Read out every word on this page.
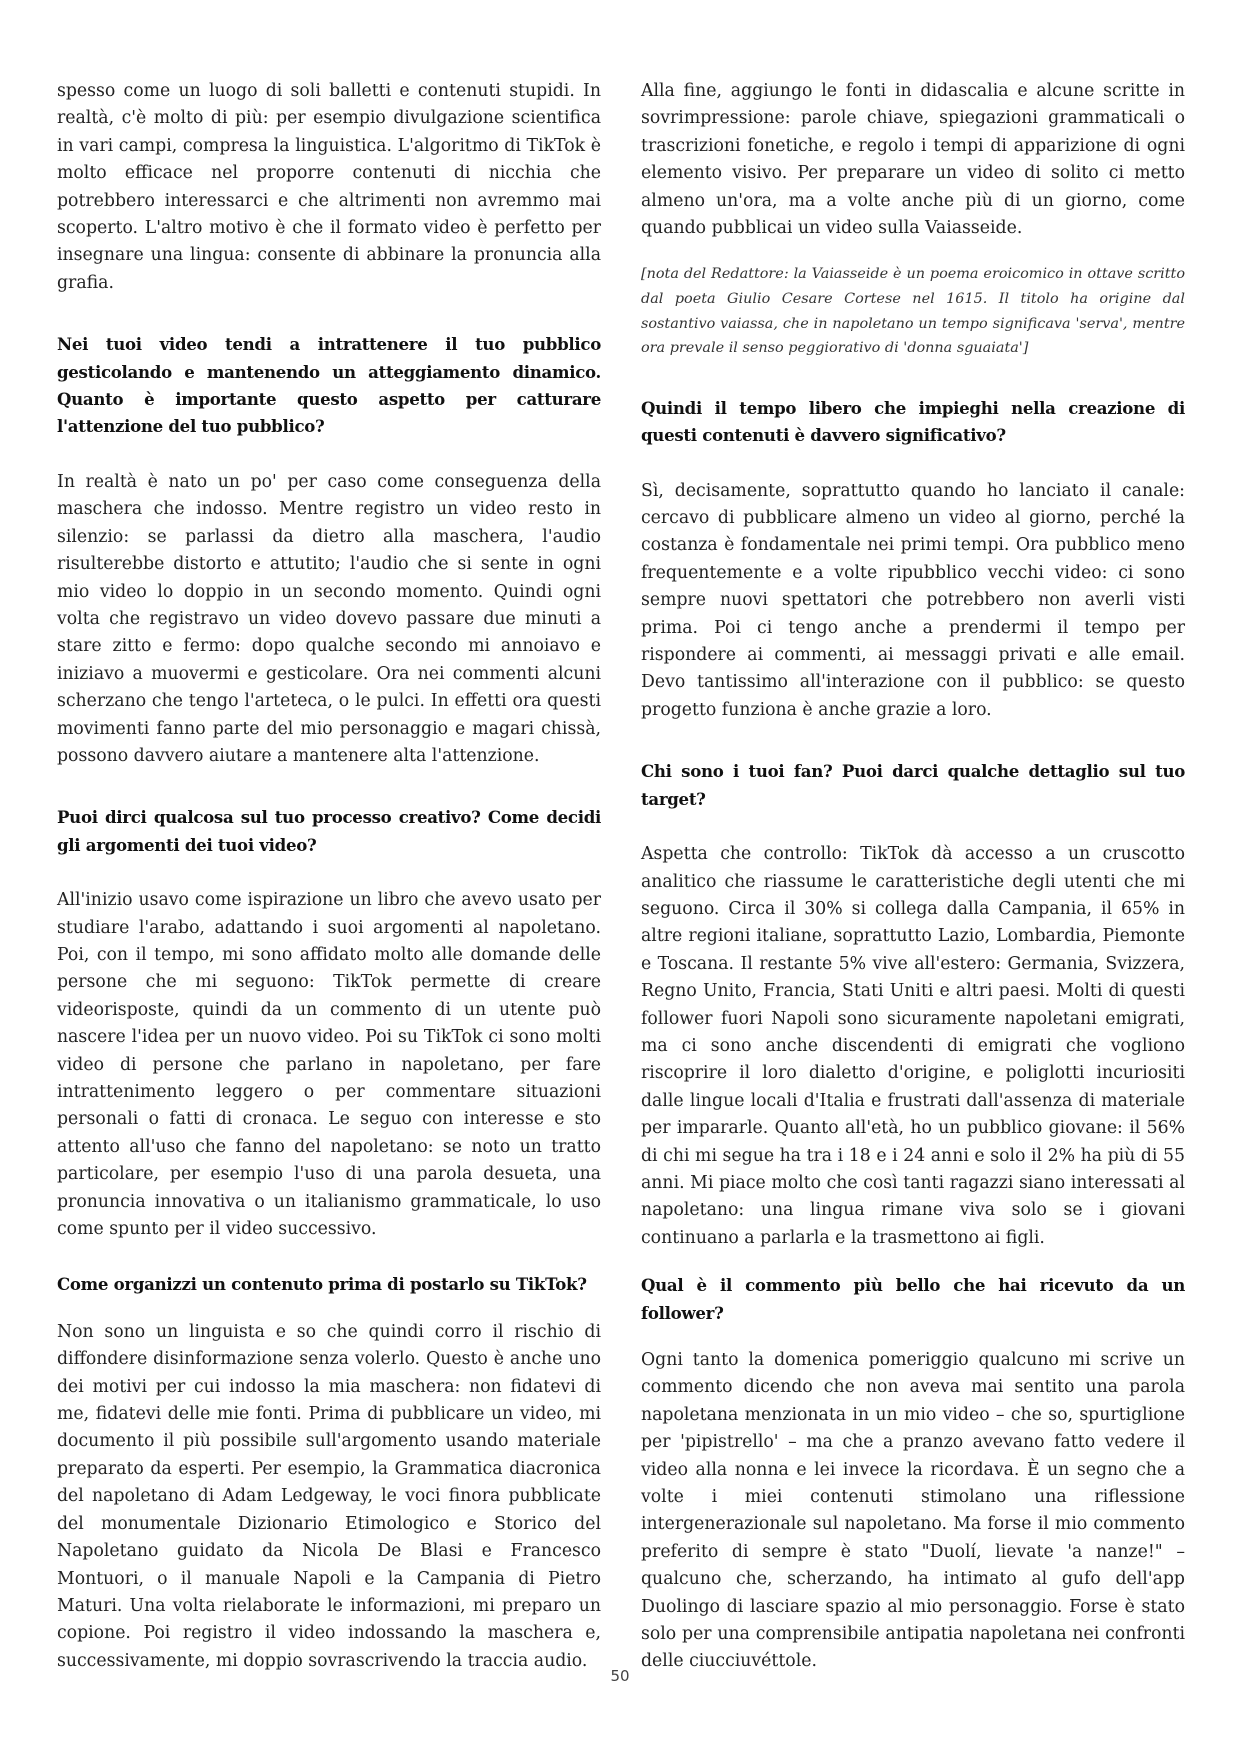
spesso come un luogo di soli balletti e contenuti stupidi. In realtà, c'è molto di più: per esempio divulgazione scientifica in vari campi, compresa la linguistica. L'algoritmo di TikTok è molto efficace nel proporre contenuti di nicchia che potrebbero interessarci e che altrimenti non avremmo mai scoperto. L'altro motivo è che il formato video è perfetto per insegnare una lingua: consente di abbinare la pronuncia alla grafia.

Nei tuoi video tendi a intrattenere il tuo pubblico gesticolando e mantenendo un atteggiamento dinamico. Quanto è importante questo aspetto per catturare l'attenzione del tuo pubblico?

In realtà è nato un po' per caso come conseguenza della maschera che indosso. Mentre registro un video resto in silenzio: se parlassi da dietro alla maschera, l'audio risulterebbe distorto e attutito; l'audio che si sente in ogni mio video lo doppio in un secondo momento. Quindi ogni volta che registravo un video dovevo passare due minuti a stare zitto e fermo: dopo qualche secondo mi annoiavo e iniziavo a muovermi e gesticolare. Ora nei commenti alcuni scherzano che tengo l'arteteca, o le pulci. In effetti ora questi movimenti fanno parte del mio personaggio e magari chissà, possono davvero aiutare a mantenere alta l'attenzione.

Puoi dirci qualcosa sul tuo processo creativo? Come decidi gli argomenti dei tuoi video?

All'inizio usavo come ispirazione un libro che avevo usato per studiare l'arabo, adattando i suoi argomenti al napoletano. Poi, con il tempo, mi sono affidato molto alle domande delle persone che mi seguono: TikTok permette di creare videorisposte, quindi da un commento di un utente può nascere l'idea per un nuovo video. Poi su TikTok ci sono molti video di persone che parlano in napoletano, per fare intrattenimento leggero o per commentare situazioni personali o fatti di cronaca. Le seguo con interesse e sto attento all'uso che fanno del napoletano: se noto un tratto particolare, per esempio l'uso di una parola desueta, una pronuncia innovativa o un italianismo grammaticale, lo uso come spunto per il video successivo.

Come organizzi un contenuto prima di postarlo su TikTok?

Non sono un linguista e so che quindi corro il rischio di diffondere disinformazione senza volerlo. Questo è anche uno dei motivi per cui indosso la mia maschera: non fidatevi di me, fidatevi delle mie fonti. Prima di pubblicare un video, mi documento il più possibile sull'argomento usando materiale preparato da esperti. Per esempio, la Grammatica diacronica del napoletano di Adam Ledgeway, le voci finora pubblicate del monumentale Dizionario Etimologico e Storico del Napoletano guidato da Nicola De Blasi e Francesco Montuori, o il manuale Napoli e la Campania di Pietro Maturi. Una volta rielaborate le informazioni, mi preparo un copione. Poi registro il video indossando la maschera e, successivamente, mi doppio sovrascrivendo la traccia audio.

Alla fine, aggiungo le fonti in didascalia e alcune scritte in sovrimpressione: parole chiave, spiegazioni grammaticali o trascrizioni fonetiche, e regolo i tempi di apparizione di ogni elemento visivo. Per preparare un video di solito ci metto almeno un'ora, ma a volte anche più di un giorno, come quando pubblicai un video sulla Vaiasseide.

[nota del Redattore: la Vaiasseide è un poema eroicomico in ottave scritto dal poeta Giulio Cesare Cortese nel 1615. Il titolo ha origine dal sostantivo vaiassa, che in napoletano un tempo significava 'serva', mentre ora prevale il senso peggiorativo di 'donna sguaiata']

Quindi il tempo libero che impieghi nella creazione di questi contenuti è davvero significativo?

Sì, decisamente, soprattutto quando ho lanciato il canale: cercavo di pubblicare almeno un video al giorno, perché la costanza è fondamentale nei primi tempi. Ora pubblico meno frequentemente e a volte ripubblico vecchi video: ci sono sempre nuovi spettatori che potrebbero non averli visti prima. Poi ci tengo anche a prendermi il tempo per rispondere ai commenti, ai messaggi privati e alle email. Devo tantissimo all'interazione con il pubblico: se questo progetto funziona è anche grazie a loro.

Chi sono i tuoi fan? Puoi darci qualche dettaglio sul tuo target?

Aspetta che controllo: TikTok dà accesso a un cruscotto analitico che riassume le caratteristiche degli utenti che mi seguono. Circa il 30% si collega dalla Campania, il 65% in altre regioni italiane, soprattutto Lazio, Lombardia, Piemonte e Toscana. Il restante 5% vive all'estero: Germania, Svizzera, Regno Unito, Francia, Stati Uniti e altri paesi. Molti di questi follower fuori Napoli sono sicuramente napoletani emigrati, ma ci sono anche discendenti di emigrati che vogliono riscoprire il loro dialetto d'origine, e poliglotti incuriositi dalle lingue locali d'Italia e frustrati dall'assenza di materiale per impararle. Quanto all'età, ho un pubblico giovane: il 56% di chi mi segue ha tra i 18 e i 24 anni e solo il 2% ha più di 55 anni. Mi piace molto che così tanti ragazzi siano interessati al napoletano: una lingua rimane viva solo se i giovani continuano a parlarla e la trasmettono ai figli.

Qual è il commento più bello che hai ricevuto da un follower?

Ogni tanto la domenica pomeriggio qualcuno mi scrive un commento dicendo che non aveva mai sentito una parola napoletana menzionata in un mio video – che so, spurtiglione per 'pipistrello' – ma che a pranzo avevano fatto vedere il video alla nonna e lei invece la ricordava. È un segno che a volte i miei contenuti stimolano una riflessione intergenerazionale sul napoletano. Ma forse il mio commento preferito di sempre è stato "Duolí, lievate 'a nanze!" – qualcuno che, scherzando, ha intimato al gufo dell'app Duolingo di lasciare spazio al mio personaggio. Forse è stato solo per una comprensibile antipatia napoletana nei confronti delle ciucciuvéttole.

50
